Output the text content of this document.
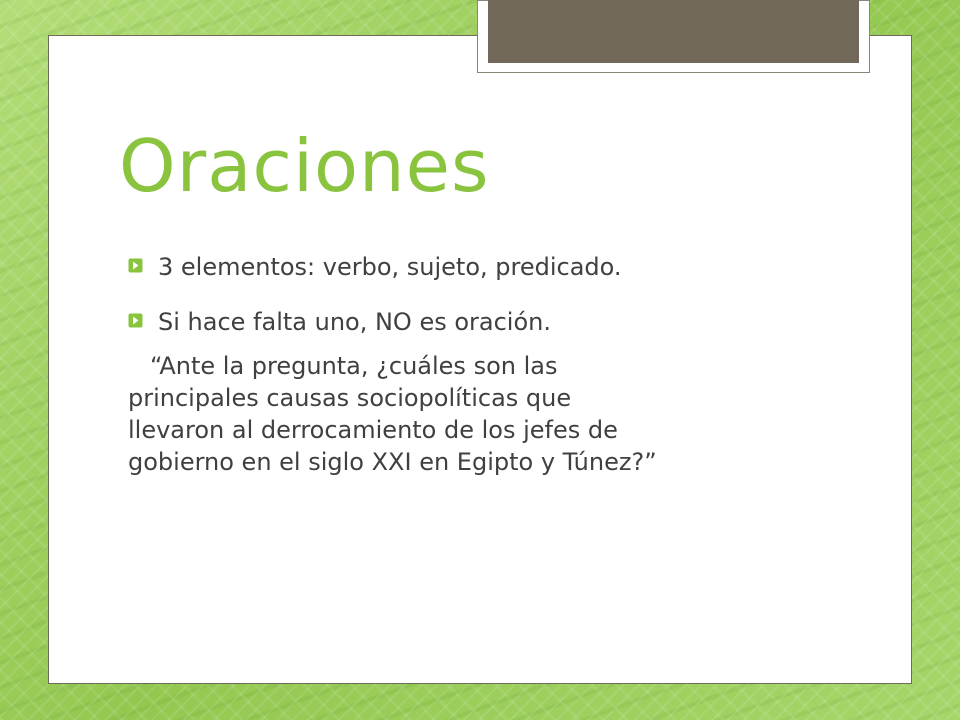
Oraciones
3 elementos: verbo, sujeto, predicado.
Si hace falta uno, NO es oración.
“Ante la pregunta, ¿cuáles son las
principales causas sociopolíticas que
llevaron al derrocamiento de los jefes de
gobierno en el siglo XXI en Egipto y Túnez?”
